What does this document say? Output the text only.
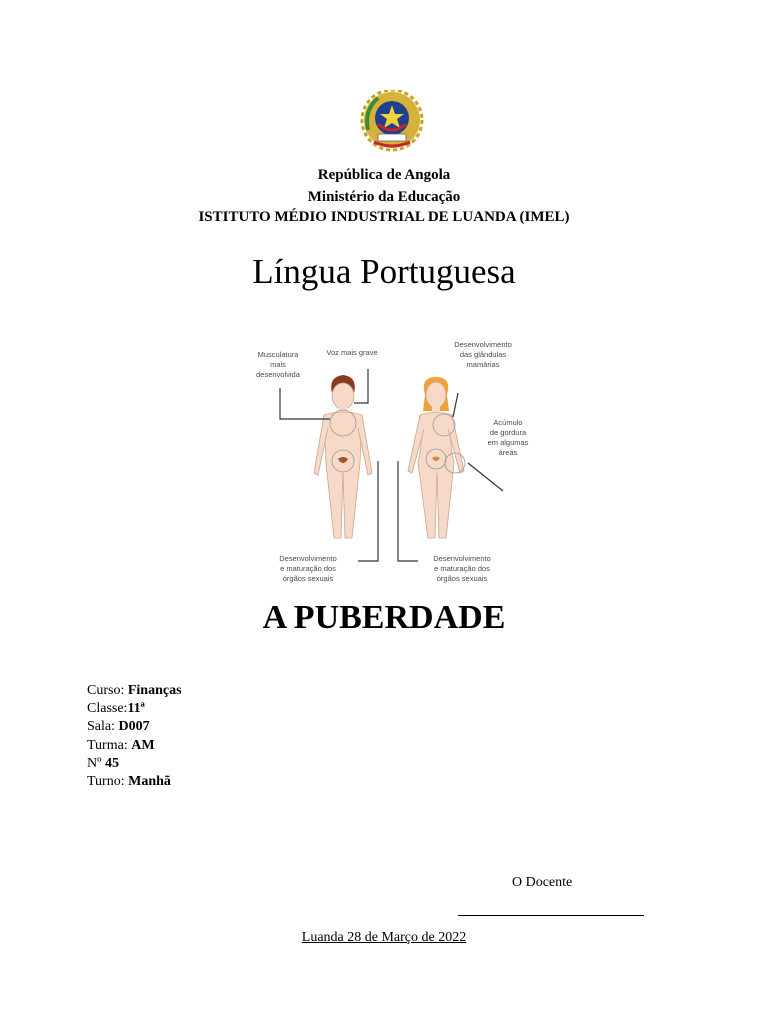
República de Angola
Ministério da Educação
ISTITUTO MÉDIO INDUSTRIAL DE LUANDA (IMEL)
Língua Portuguesa
Musculatura
mais
desenvolvida
Voz mais grave
Desenvolvimento
das glândulas
mamárias
Acúmulo
de gordura
em algumas
áreas
Desenvolvimento
e maturação dos
órgãos sexuais
Desenvolvimento
e maturação dos
órgãos sexuais
A PUBERDADE
Curso: Finanças
Classe:11ª
Sala: D007
Turma: AM
Nº 45
Turno: Manhã
O Docente
Luanda 28 de Março de 2022
